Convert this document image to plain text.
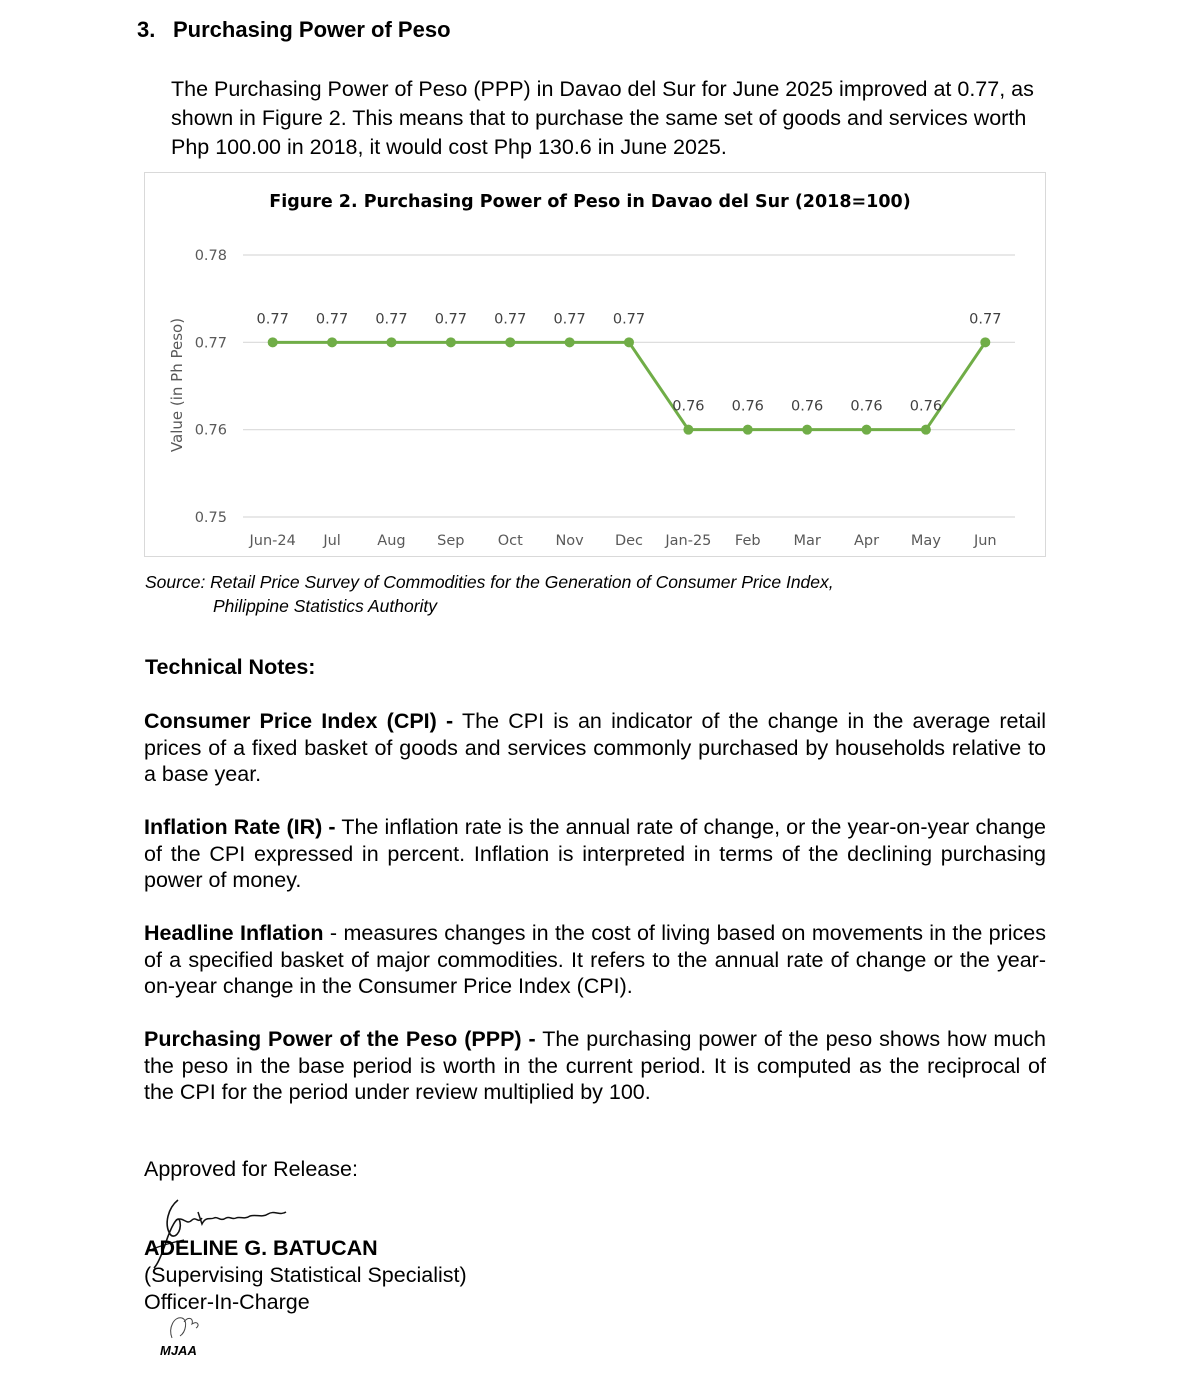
3. Purchasing Power of Peso

The Purchasing Power of Peso (PPP) in Davao del Sur for June 2025 improved at 0.77, as shown in Figure 2. This means that to purchase the same set of goods and services worth Php 100.00 in 2018, it would cost Php 130.6 in June 2025.

Figure 2. Purchasing Power of Peso in Davao del Sur (2018=100)
Value (in Ph Peso)
0.78
0.77
0.76
0.75
Jun-24 Jul	Aug Sep Oct Nov Dec Jan-25 Feb Mar Apr May Jun
0.77 0.77 0.77 0.77 0.77 0.77 0.77
0.76 0.76 0.76 0.76 0.76
0.77
Source: Retail Price Survey of Commodities for the Generation of Consumer Price Index,
Philippine Statistics Authority
Technical Notes:

Consumer Price Index (CPI) - The CPI is an indicator of the change in the average retail prices of a fixed basket of goods and services commonly purchased by households relative to a base year.

Inflation Rate (IR) - The inflation rate is the annual rate of change, or the year-on-year change of the CPI expressed in percent. Inflation is interpreted in terms of the declining purchasing power of money.

Headline Inflation - measures changes in the cost of living based on movements in the prices of a specified basket of major commodities. It refers to the annual rate of change or the year-on-year change in the Consumer Price Index (CPI).

Purchasing Power of the Peso (PPP) - The purchasing power of the peso shows how much the peso in the base period is worth in the current period. It is computed as the reciprocal of the CPI for the period under review multiplied by 100.

Approved for Release:
ADELINE G. BATUCAN
(Supervising Statistical Specialist)
Officer-In-Charge
MJAA
